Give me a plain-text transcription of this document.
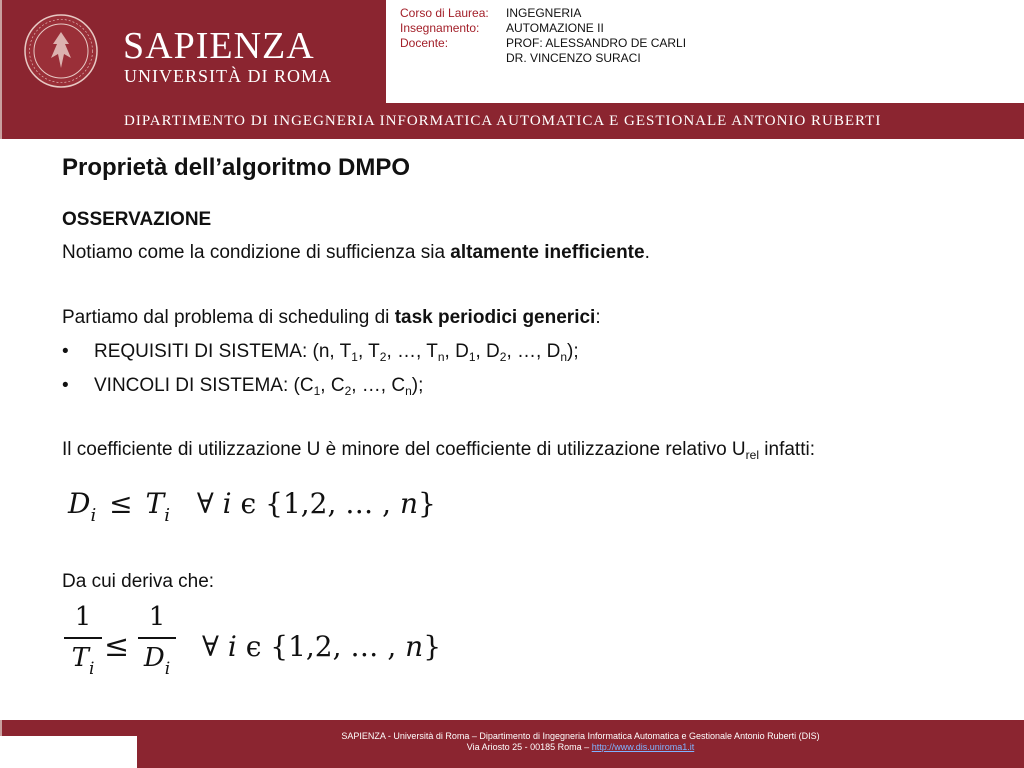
SAPIENZA
UNIVERSITÀ DI ROMA
Corso di Laurea:	INGEGNERIA
Insegnamento:	AUTOMAZIONE II
Docente:	PROF: ALESSANDRO DE CARLI
DR. VINCENZO SURACI
DIPARTIMENTO DI INGEGNERIA INFORMATICA AUTOMATICA E GESTIONALE ANTONIO RUBERTI
Proprietà dell’algoritmo DMPO
OSSERVAZIONE
Notiamo come la condizione di sufficienza sia altamente inefficiente.
Partiamo dal problema di scheduling di task periodici generici:
• REQUISITI DI SISTEMA: (n, $T_1$, $T_2$, …, $T_n$, $D_1$, $D_2$, …, $D_n$);
• VINCOLI DI SISTEMA: ($C_1$, $C_2$, …, $C_n$);
Il coefficiente di utilizzazione U è minore del coefficiente di utilizzazione relativo $U_{rel}$ infatti:
$D_i \le T_i$ ∀ i ϵ {1,2, … , n}
Da cui deriva che:
1
$T_i$
≤
1
$D_i$
∀ i ϵ {1,2, … , n}
SAPIENZA - Università di Roma – Dipartimento di Ingegneria Informatica Automatica e Gestionale Antonio Ruberti (DIS)
Via Ariosto 25 - 00185 Roma – http://www.dis.uniroma1.it
